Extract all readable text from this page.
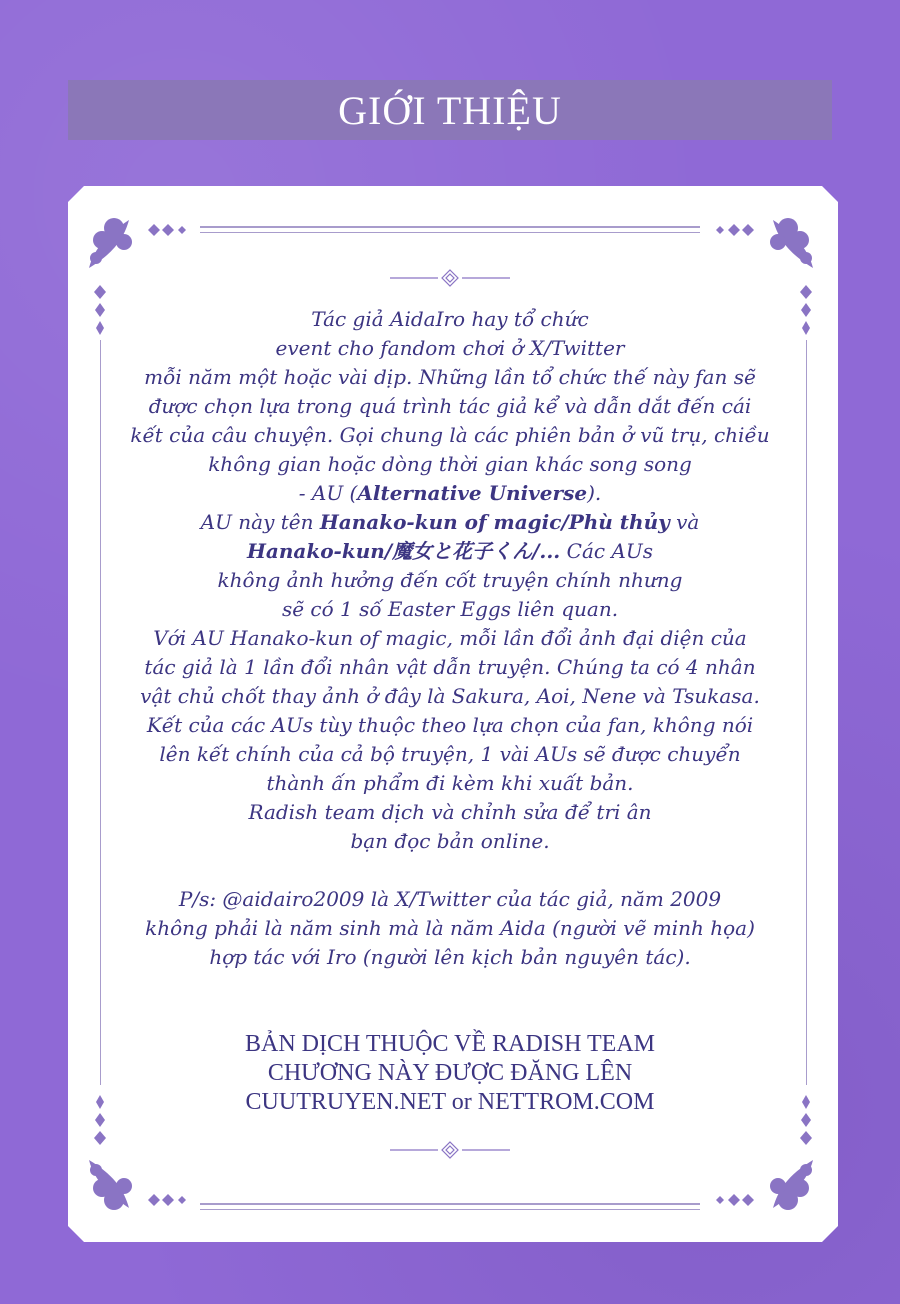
GIỚI THIỆU

Tác giả AidaIro hay tổ chức

event cho fandom chơi ở X/Twitter

mỗi năm một hoặc vài dịp. Những lần tổ chức thế này fan sẽ

được chọn lựa trong quá trình tác giả kể và dẫn dắt đến cái

kết của câu chuyện. Gọi chung là các phiên bản ở vũ trụ, chiều

không gian hoặc dòng thời gian khác song song

- AU (Alternative Universe).

AU này tên Hanako-kun of magic/Phù thủy và

Hanako-kun/魔女と花子くん/... Các AUs

không ảnh hưởng đến cốt truyện chính nhưng

sẽ có 1 số Easter Eggs liên quan.

Với AU Hanako-kun of magic, mỗi lần đổi ảnh đại diện của

tác giả là 1 lần đổi nhân vật dẫn truyện. Chúng ta có 4 nhân

vật chủ chốt thay ảnh ở đây là Sakura, Aoi, Nene và Tsukasa.

Kết của các AUs tùy thuộc theo lựa chọn của fan, không nói

lên kết chính của cả bộ truyện, 1 vài AUs sẽ được chuyển

thành ấn phẩm đi kèm khi xuất bản.

Radish team dịch và chỉnh sửa để tri ân

bạn đọc bản online.

P/s: @aidairo2009 là X/Twitter của tác giả, năm 2009

không phải là năm sinh mà là năm Aida (người vẽ minh họa)

hợp tác với Iro (người lên kịch bản nguyên tác).

BẢN DỊCH THUỘC VỀ RADISH TEAM

CHƯƠNG NÀY ĐƯỢC ĐĂNG LÊN

CUUTRUYEN.NET or NETTROM.COM
